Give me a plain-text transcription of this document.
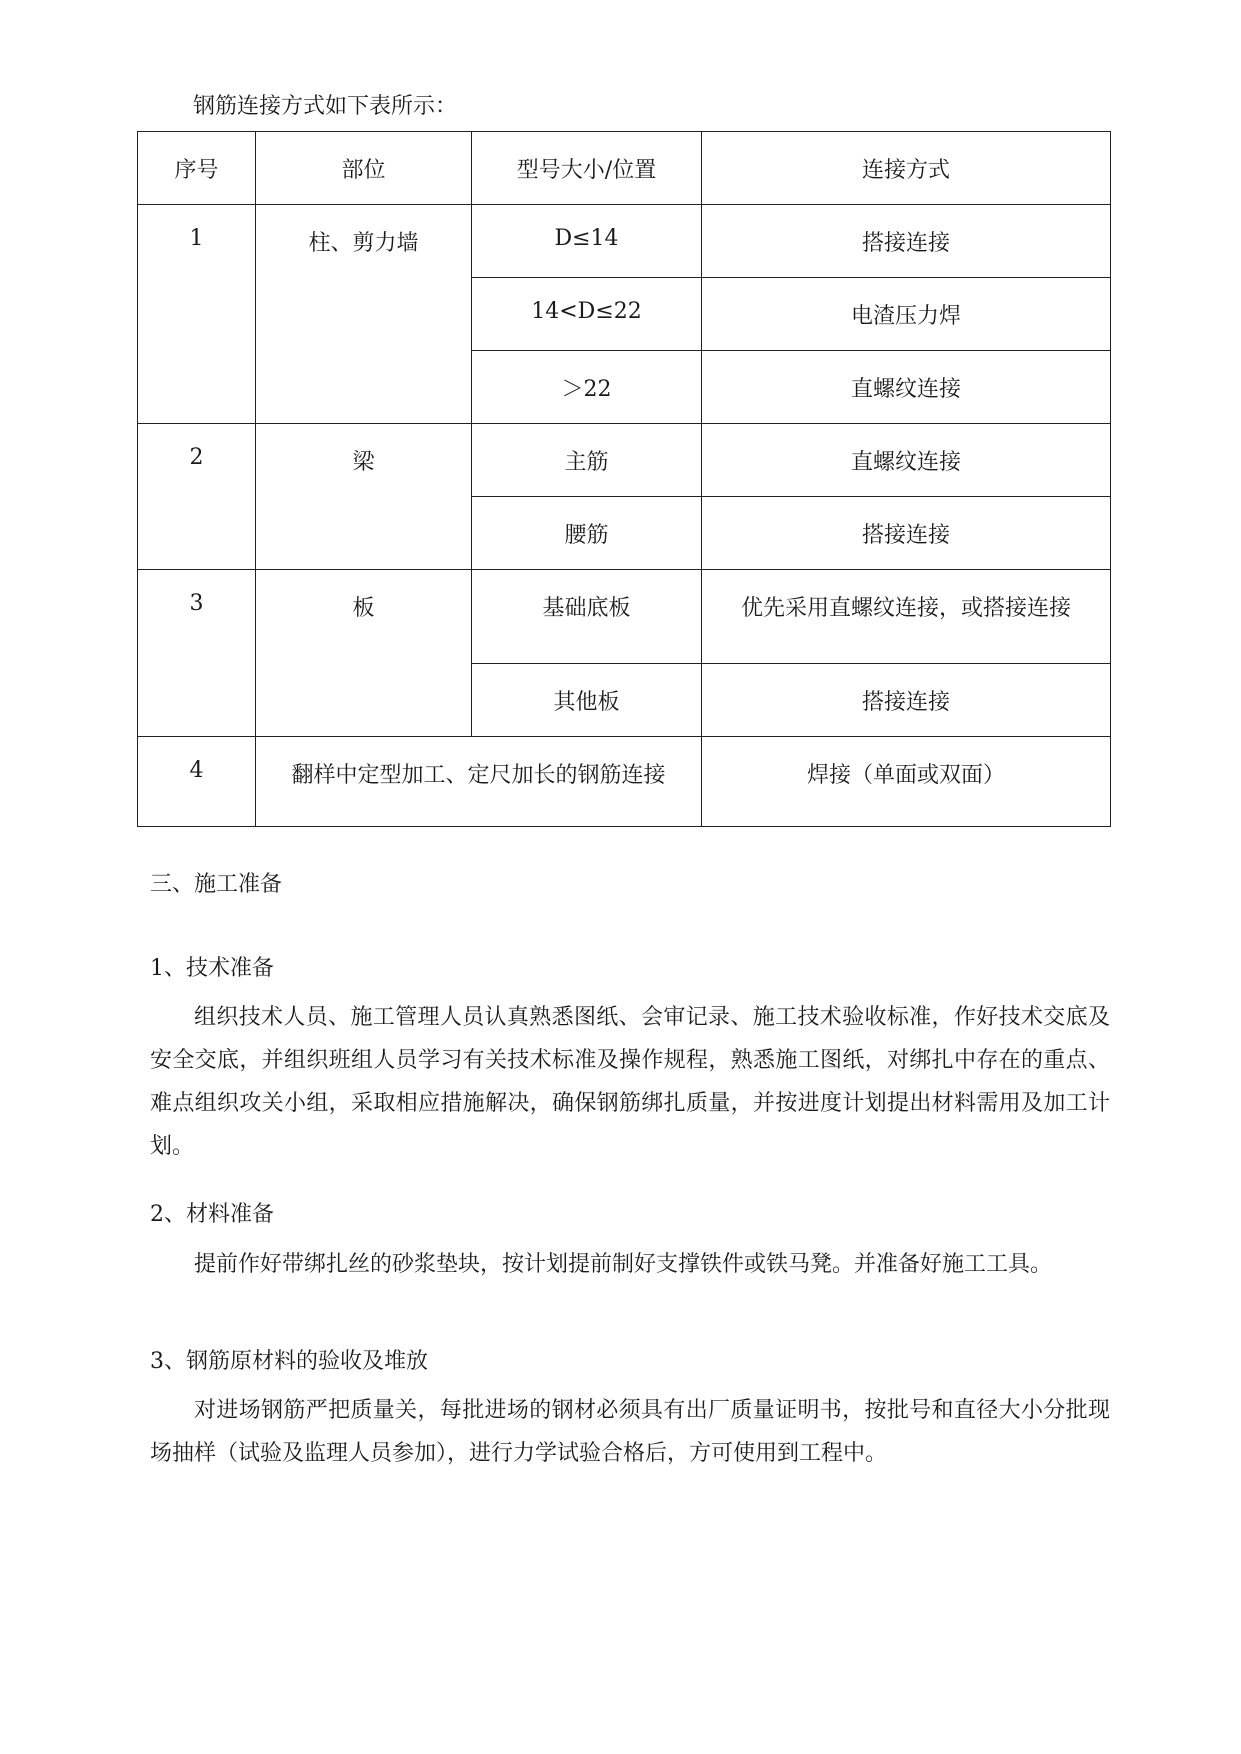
钢筋连接方式如下表所示：
序号	部位	型号大小/位置	连接方式
1	柱、剪力墙	D≤14	搭接连接
		14<D≤22	电渣压力焊
		＞22	直螺纹连接
2	梁	主筋	直螺纹连接
		腰筋	搭接连接
3	板	基础底板	优先采用直螺纹连接，或搭接连接
		其他板	搭接连接
4	翻样中定型加工、定尺加长的钢筋连接		焊接（单面或双面）
三、施工准备
1、技术准备
组织技术人员、施工管理人员认真熟悉图纸、会审记录、施工技术验收标准，作好技术交底及安全交底，并组织班组人员学习有关技术标准及操作规程，熟悉施工图纸，对绑扎中存在的重点、难点组织攻关小组，采取相应措施解决，确保钢筋绑扎质量，并按进度计划提出材料需用及加工计划。
2、材料准备
提前作好带绑扎丝的砂浆垫块，按计划提前制好支撑铁件或铁马凳。并准备好施工工具。
3、钢筋原材料的验收及堆放
对进场钢筋严把质量关，每批进场的钢材必须具有出厂质量证明书，按批号和直径大小分批现场抽样（试验及监理人员参加），进行力学试验合格后，方可使用到工程中。
